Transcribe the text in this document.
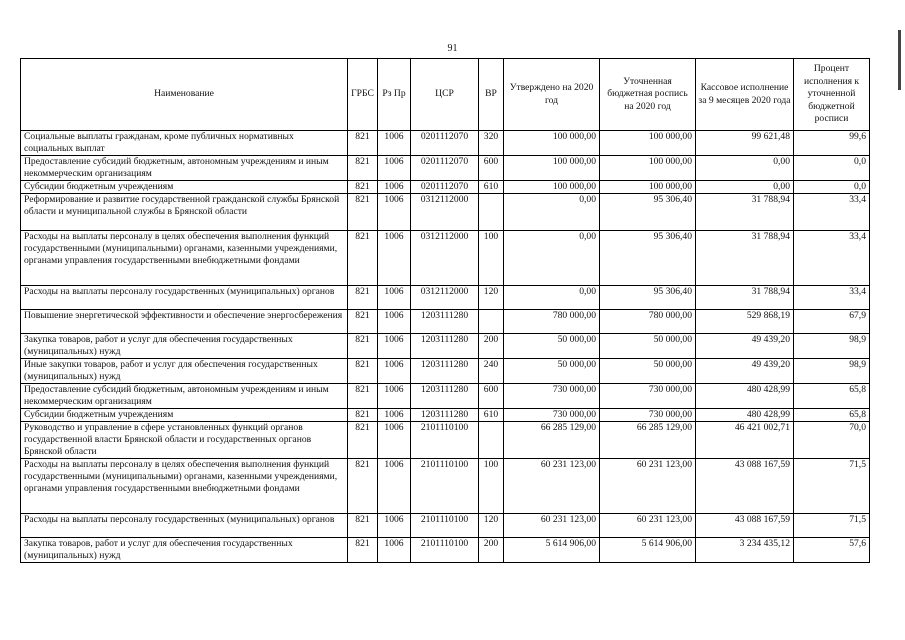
91
Наименование	ГРБС	Рз Пр	ЦСР	ВР	Утверждено на 2020 год	Уточненная бюджетная роспись на 2020 год	Кассовое исполнение за 9 месяцев 2020 года	Процент исполнения к уточненной бюджетной росписи
Социальные выплаты гражданам, кроме публичных нормативных социальных выплат	821	1006	0201112070	320	100 000,00	100 000,00	99 621,48	99,6
Предоставление субсидий бюджетным, автономным учреждениям и иным некоммерческим организациям	821	1006	0201112070	600	100 000,00	100 000,00	0,00	0,0
Субсидии бюджетным учреждениям	821	1006	0201112070	610	100 000,00	100 000,00	0,00	0,0
Реформирование и развитие государственной гражданской службы Брянской области и муниципальной службы в Брянской области	821	1006	0312112000		0,00	95 306,40	31 788,94	33,4
Расходы на выплаты персоналу в целях обеспечения выполнения функций государственными (муниципальными) органами, казенными учреждениями, органами управления государственными внебюджетными фондами	821	1006	0312112000	100	0,00	95 306,40	31 788,94	33,4
Расходы на выплаты персоналу государственных (муниципальных) органов	821	1006	0312112000	120	0,00	95 306,40	31 788,94	33,4
Повышение энергетической эффективности и обеспечение энергосбережения	821	1006	1203111280		780 000,00	780 000,00	529 868,19	67,9
Закупка товаров, работ и услуг для обеспечения государственных (муниципальных) нужд	821	1006	1203111280	200	50 000,00	50 000,00	49 439,20	98,9
Иные закупки товаров, работ и услуг для обеспечения государственных (муниципальных) нужд	821	1006	1203111280	240	50 000,00	50 000,00	49 439,20	98,9
Предоставление субсидий бюджетным, автономным учреждениям и иным некоммерческим организациям	821	1006	1203111280	600	730 000,00	730 000,00	480 428,99	65,8
Субсидии бюджетным учреждениям	821	1006	1203111280	610	730 000,00	730 000,00	480 428,99	65,8
Руководство и управление в сфере установленных функций органов государственной власти Брянской области и государственных органов Брянской области	821	1006	2101110100		66 285 129,00	66 285 129,00	46 421 002,71	70,0
Расходы на выплаты персоналу в целях обеспечения выполнения функций государственными (муниципальными) органами, казенными учреждениями, органами управления государственными внебюджетными фондами	821	1006	2101110100	100	60 231 123,00	60 231 123,00	43 088 167,59	71,5
Расходы на выплаты персоналу государственных (муниципальных) органов	821	1006	2101110100	120	60 231 123,00	60 231 123,00	43 088 167,59	71,5
Закупка товаров, работ и услуг для обеспечения государственных (муниципальных) нужд	821	1006	2101110100	200	5 614 906,00	5 614 906,00	3 234 435,12	57,6
